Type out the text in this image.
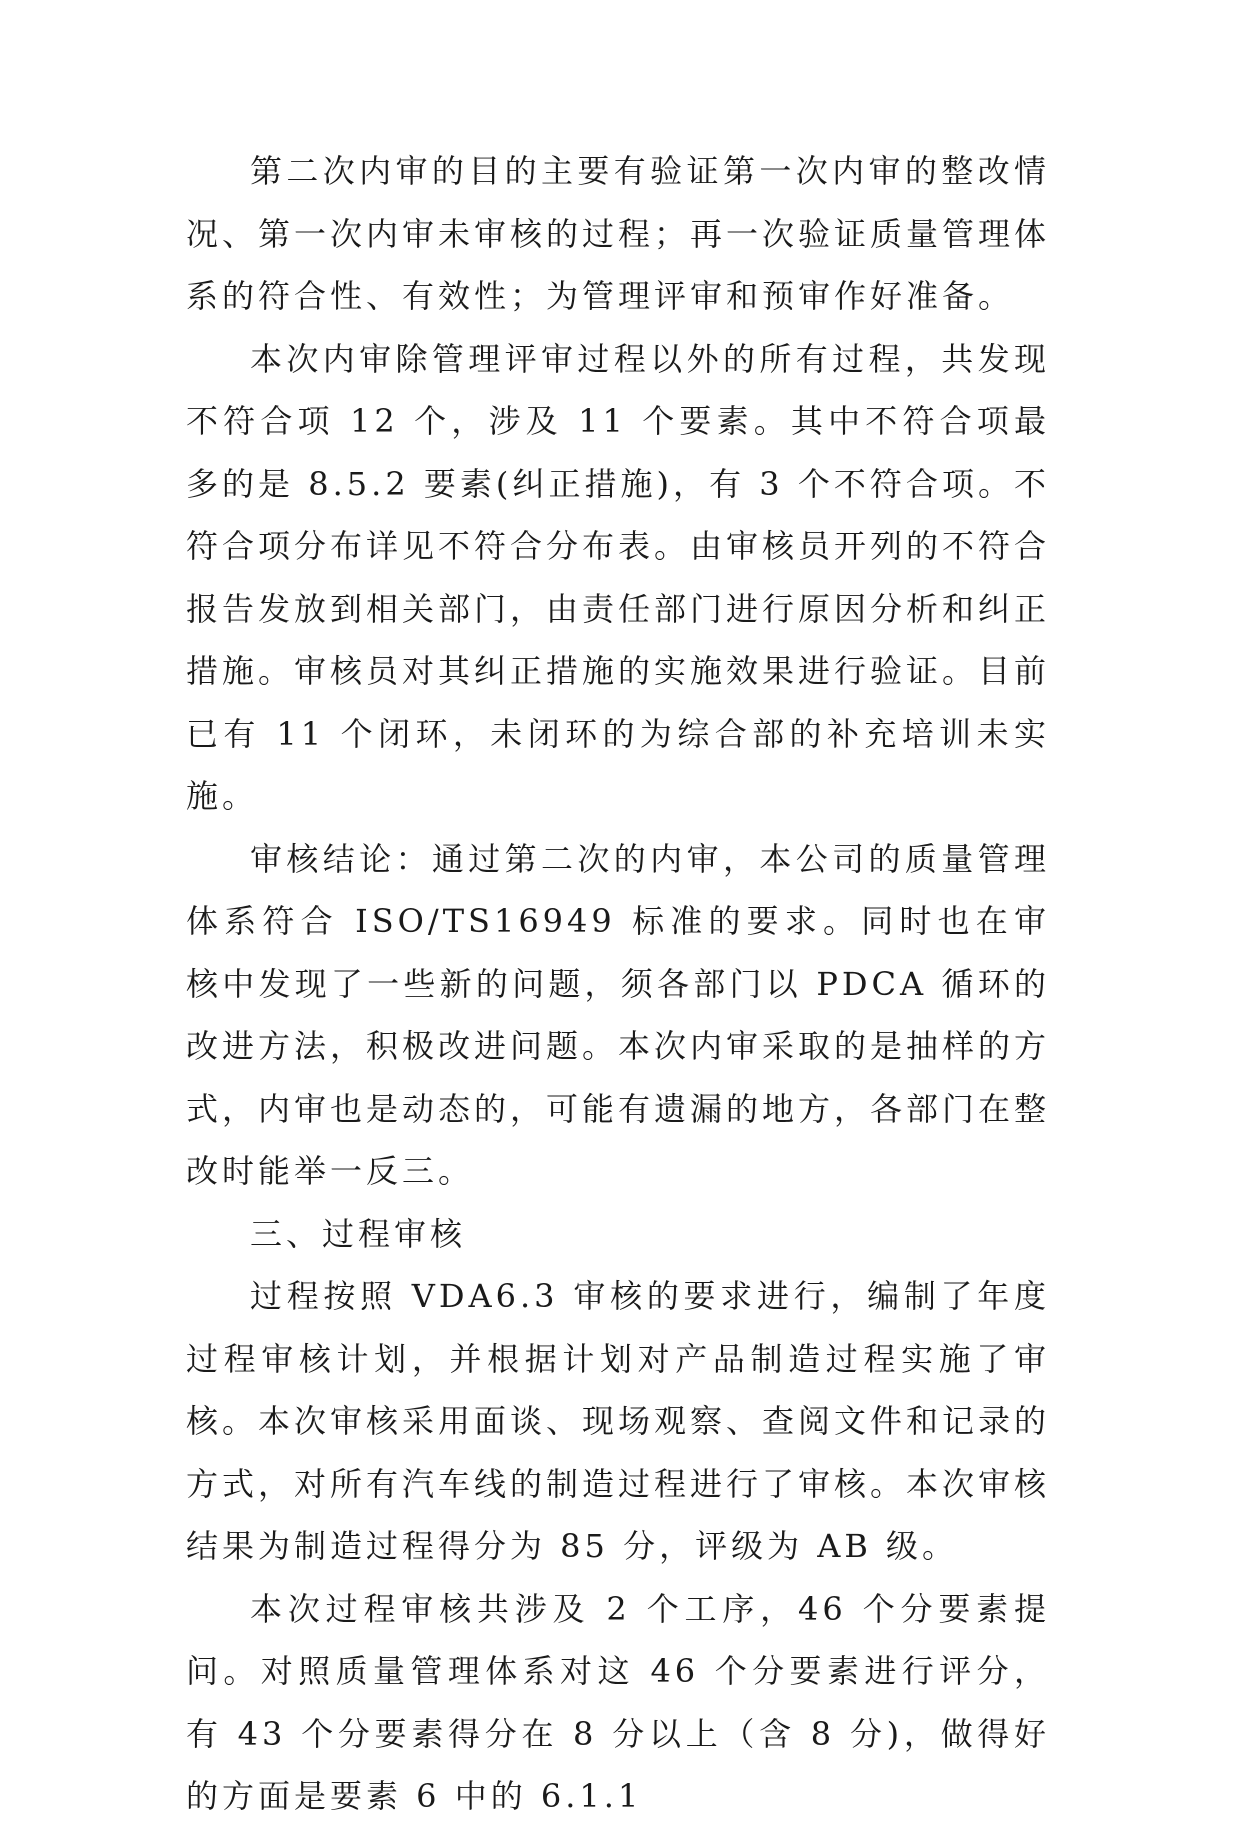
第二次内审的目的主要有验证第一次内审的整改情况、第一次内审未审核的过程；再一次验证质量管理体系的符合性、有效性；为管理评审和预审作好准备。

本次内审除管理评审过程以外的所有过程，共发现不符合项 12 个，涉及 11 个要素。其中不符合项最多的是 8.5.2 要素(纠正措施)，有 3 个不符合项。不符合项分布详见不符合分布表。由审核员开列的不符合报告发放到相关部门，由责任部门进行原因分析和纠正措施。审核员对其纠正措施的实施效果进行验证。目前已有 11 个闭环，未闭环的为综合部的补充培训未实施。

审核结论：通过第二次的内审，本公司的质量管理体系符合 ISO/TS16949 标准的要求。同时也在审核中发现了一些新的问题，须各部门以 PDCA 循环的改进方法，积极改进问题。本次内审采取的是抽样的方式，内审也是动态的，可能有遗漏的地方，各部门在整改时能举一反三。

三、过程审核

过程按照 VDA6.3 审核的要求进行，编制了年度过程审核计划，并根据计划对产品制造过程实施了审核。本次审核采用面谈、现场观察、查阅文件和记录的方式，对所有汽车线的制造过程进行了审核。本次审核结果为制造过程得分为 85 分，评级为 AB 级。

本次过程审核共涉及 2 个工序，46 个分要素提问。对照质量管理体系对这 46 个分要素进行评分，有 43 个分要素得分在 8 分以上（含 8 分)，做得好的方面是要素 6 中的 6.1.1
